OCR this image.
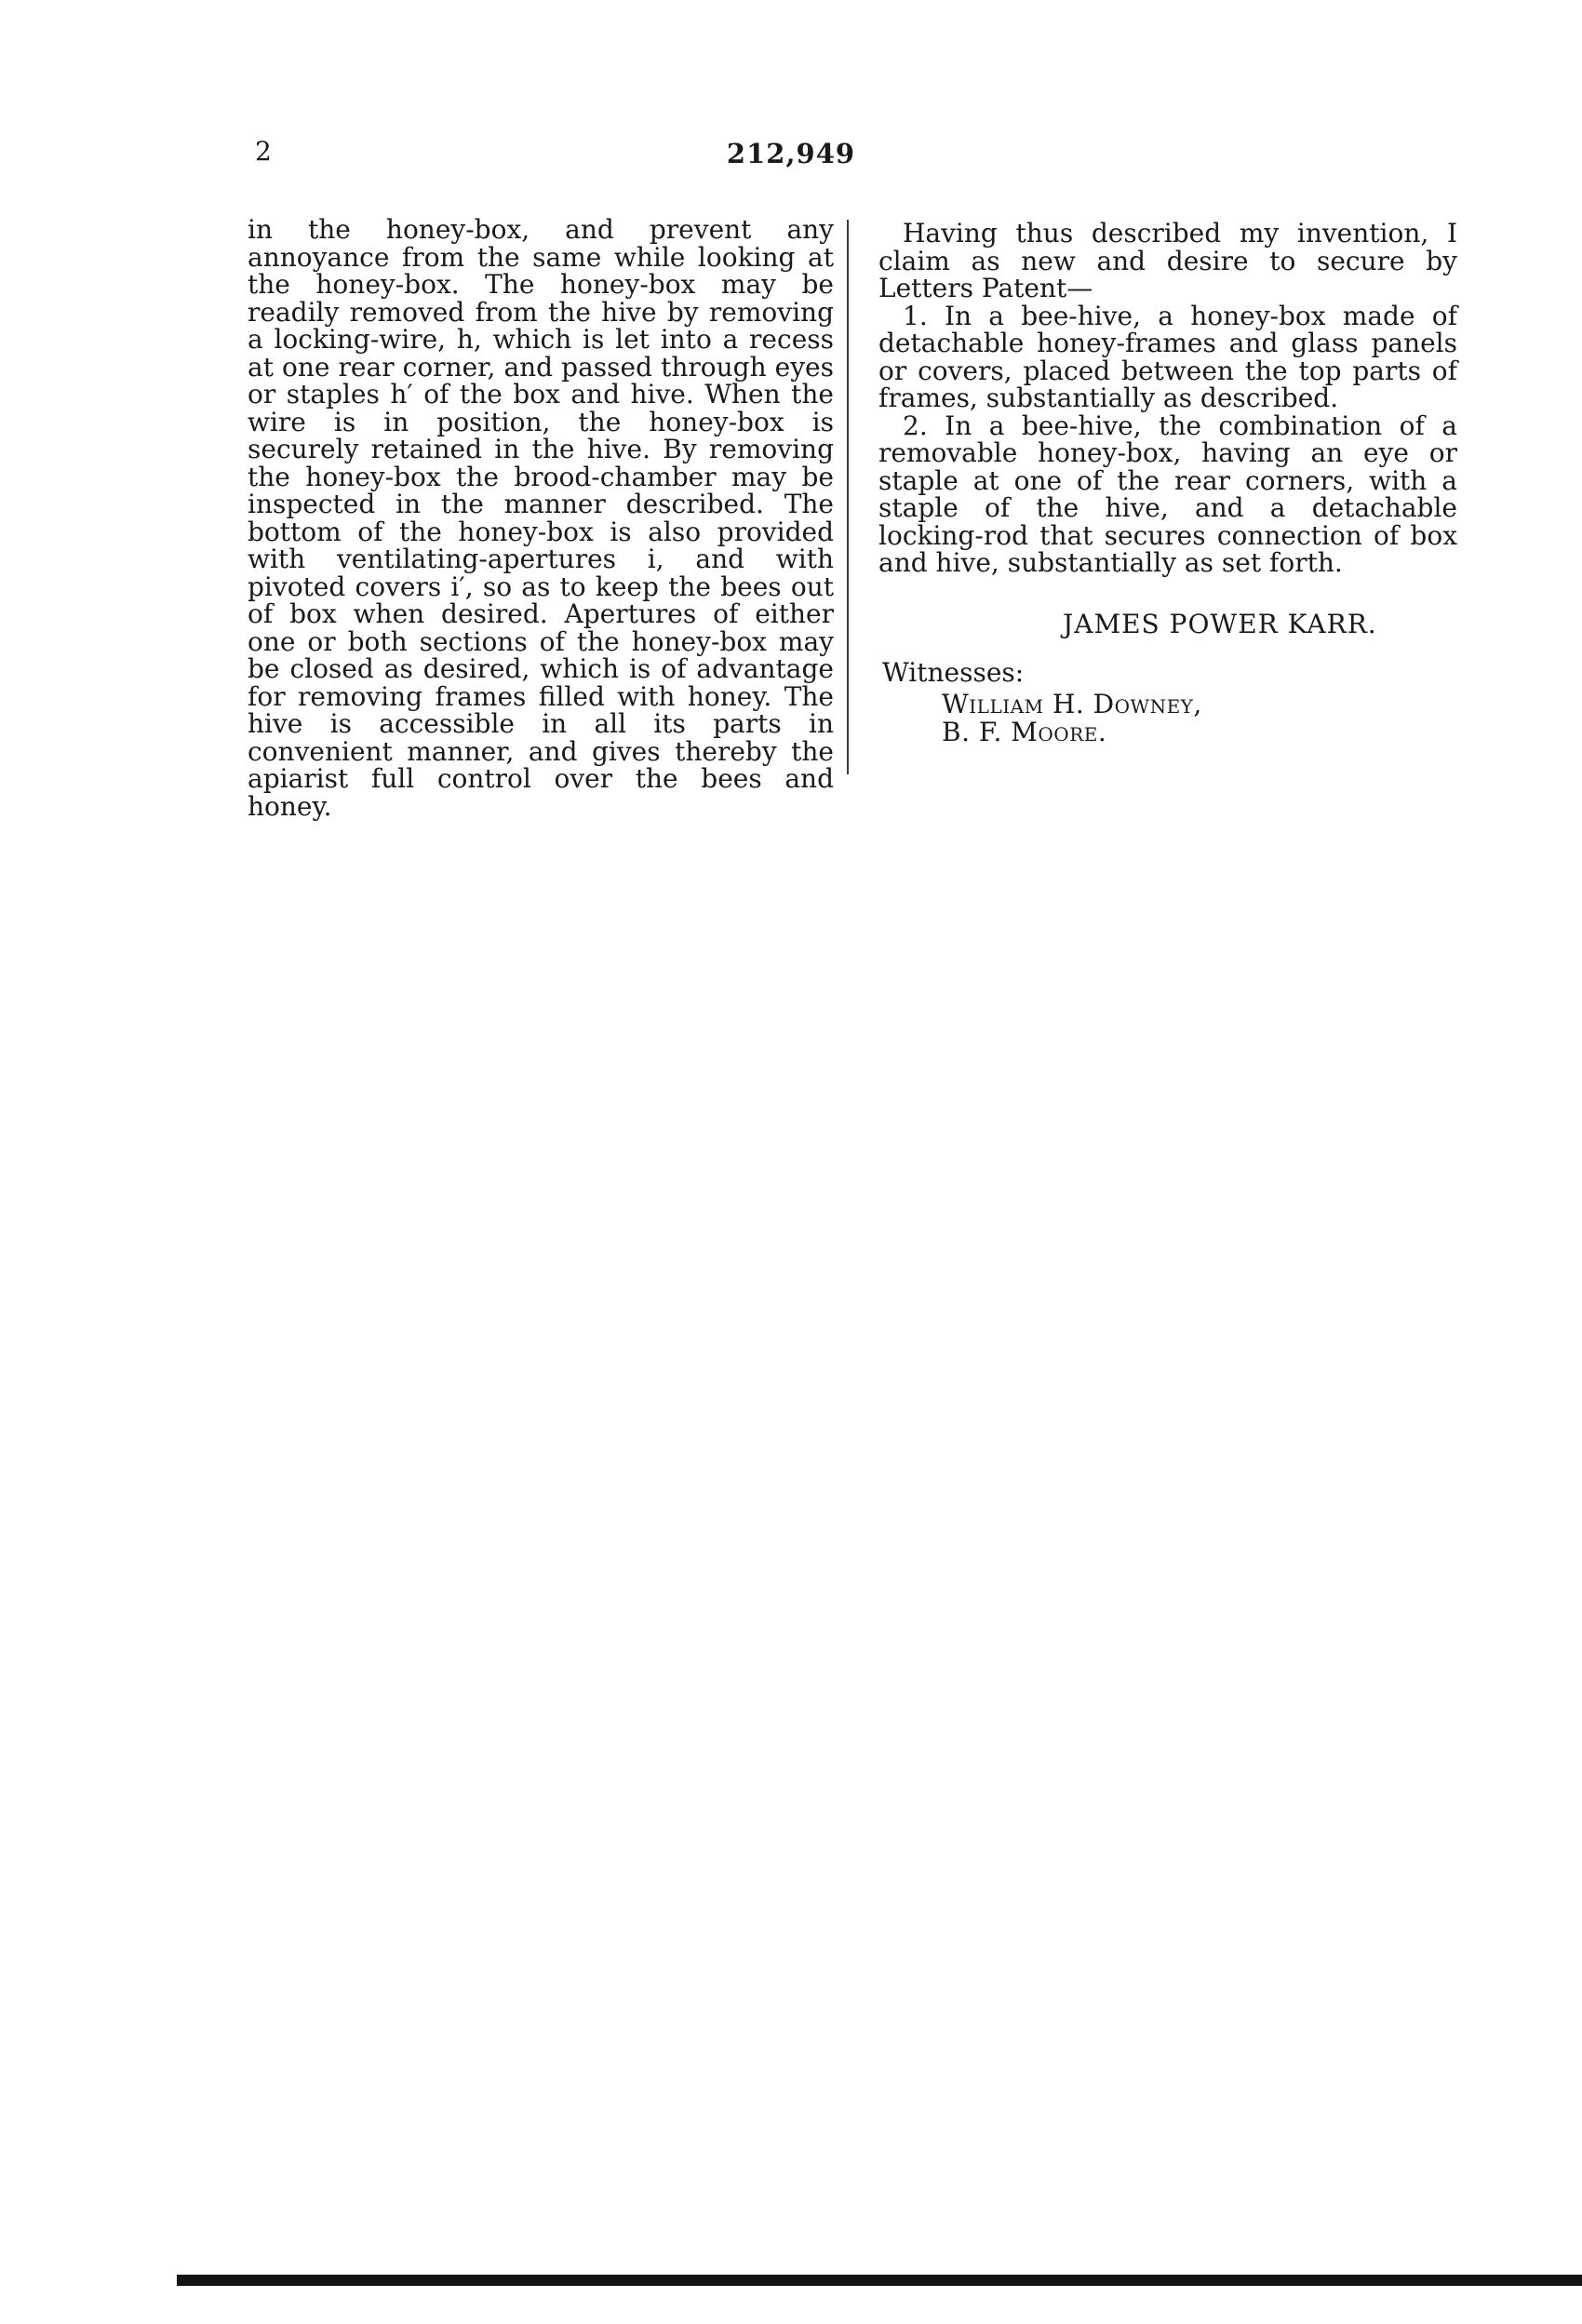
2	212,949

in the honey-box, and prevent any annoyance from the same while looking at the honey-box. The honey-box may be readily removed from the hive by removing a locking-wire, h, which is let into a recess at one rear corner, and passed through eyes or staples h′ of the box and hive. When the wire is in position, the honey-box is securely retained in the hive. By removing the honey-box the brood-chamber may be inspected in the manner described. The bottom of the honey-box is also provided with ventilating-apertures i, and with pivoted covers i′, so as to keep the bees out of box when desired. Apertures of either one or both sections of the honey-box may be closed as desired, which is of advantage for removing frames filled with honey. The hive is accessible in all its parts in convenient manner, and gives thereby the apiarist full control over the bees and honey.

Having thus described my invention, I claim as new and desire to secure by Letters Patent—

1. In a bee-hive, a honey-box made of detachable honey-frames and glass panels or covers, placed between the top parts of frames, substantially as described.

2. In a bee-hive, the combination of a removable honey-box, having an eye or staple at one of the rear corners, with a staple of the hive, and a detachable locking-rod that secures connection of box and hive, substantially as set forth.

JAMES POWER KARR.
Witnesses:
William H. Downey,
B. F. Moore.
